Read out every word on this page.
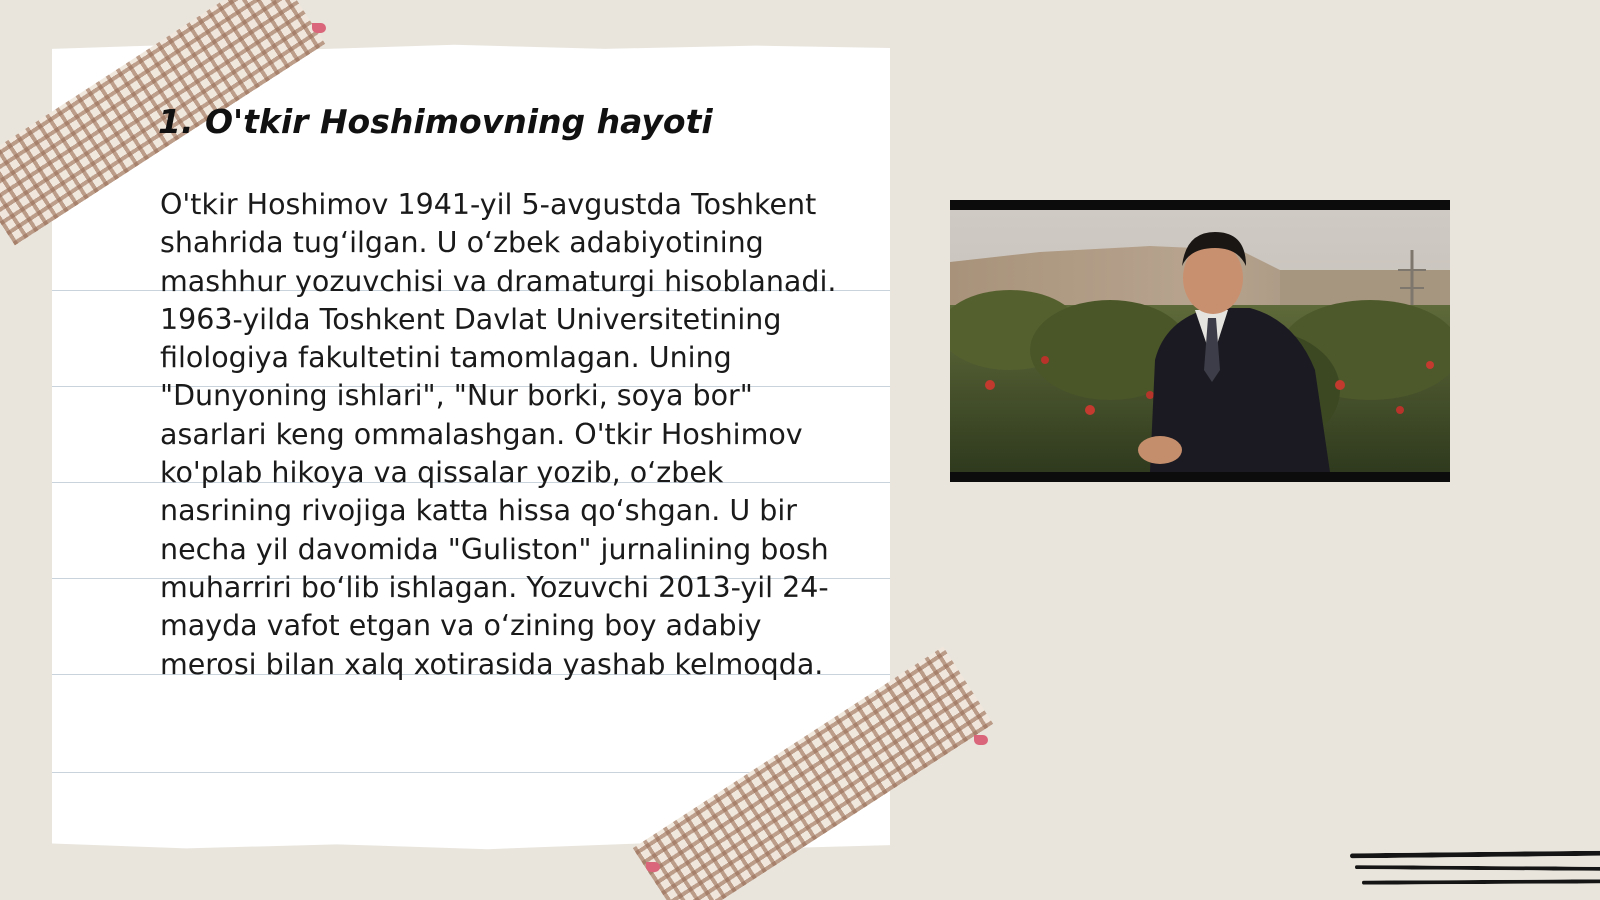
1. O'tkir Hoshimovning hayoti

O'tkir Hoshimov 1941-yil 5-avgustda Toshkent shahrida tug‘ilgan. U o‘zbek adabiyotining mashhur yozuvchisi va dramaturgi hisoblanadi. 1963-yilda Toshkent Davlat Universitetining filologiya fakultetini tamomlagan. Uning "Dunyoning ishlari", "Nur borki, soya bor" asarlari keng ommalashgan. O'tkir Hoshimov ko'plab hikoya va qissalar yozib, o‘zbek nasrining rivojiga katta hissa qo‘shgan. U bir necha yil davomida "Guliston" jurnalining bosh muharriri bo‘lib ishlagan. Yozuvchi 2013-yil 24-mayda vafot etgan va o‘zining boy adabiy merosi bilan xalq xotirasida yashab kelmoqda.
